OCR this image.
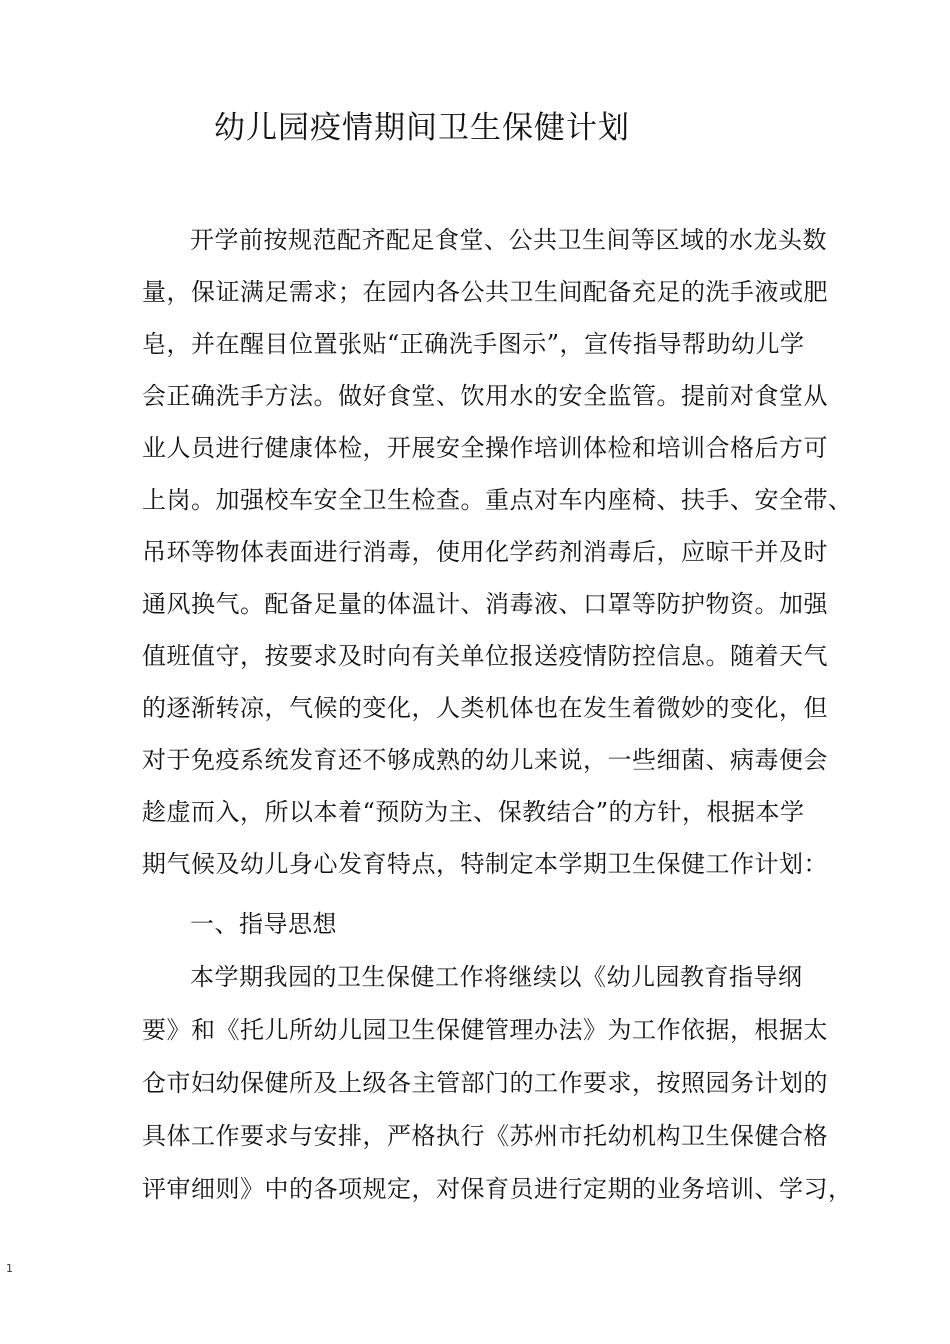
幼儿园疫情期间卫生保健计划
开学前按规范配齐配足食堂、公共卫生间等区域的水龙头数
量，保证满足需求；在园内各公共卫生间配备充足的洗手液或肥
皂，并在醒目位置张贴“正确洗手图示”，宣传指导帮助幼儿学
会正确洗手方法。做好食堂、饮用水的安全监管。提前对食堂从
业人员进行健康体检，开展安全操作培训体检和培训合格后方可
上岗。加强校车安全卫生检查。重点对车内座椅、扶手、安全带、
吊环等物体表面进行消毒，使用化学药剂消毒后，应晾干并及时
通风换气。配备足量的体温计、消毒液、口罩等防护物资。加强
值班值守，按要求及时向有关单位报送疫情防控信息。随着天气
的逐渐转凉，气候的变化，人类机体也在发生着微妙的变化，但
对于免疫系统发育还不够成熟的幼儿来说，一些细菌、病毒便会
趁虚而入，所以本着“预防为主、保教结合”的方针，根据本学
期气候及幼儿身心发育特点，特制定本学期卫生保健工作计划：
一、指导思想
本学期我园的卫生保健工作将继续以《幼儿园教育指导纲
要》和《托儿所幼儿园卫生保健管理办法》为工作依据，根据太
仓市妇幼保健所及上级各主管部门的工作要求，按照园务计划的
具体工作要求与安排，严格执行《苏州市托幼机构卫生保健合格
评审细则》中的各项规定，对保育员进行定期的业务培训、学习，
1
